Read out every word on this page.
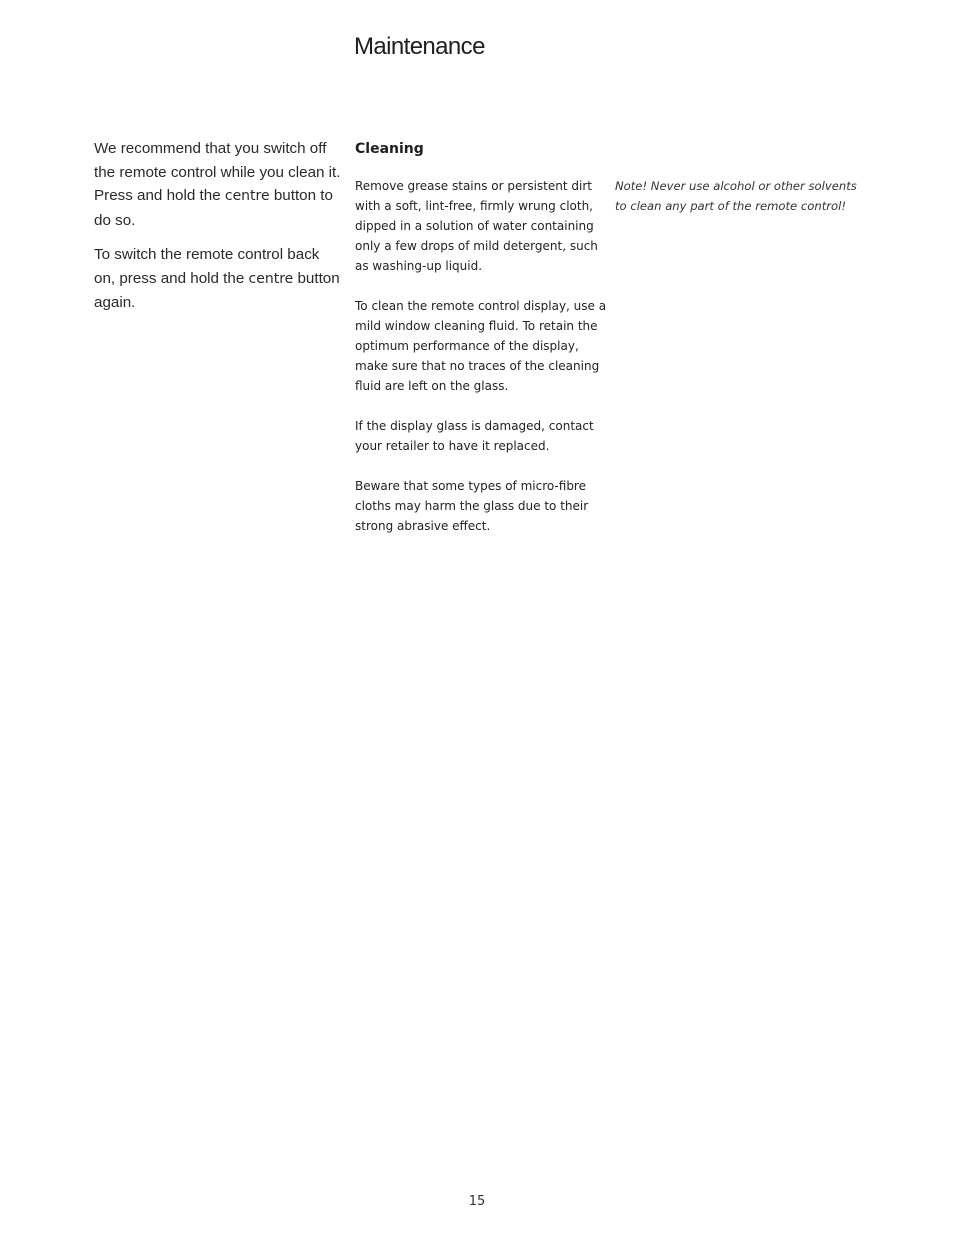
Maintenance

We recommend that you switch off the remote control while you clean it. Press and hold the centre button to do so.

To switch the remote control back on, press and hold the centre button again.

Cleaning

Remove grease stains or persistent dirt with a soft, lint-free, firmly wrung cloth, dipped in a solution of water containing only a few drops of mild detergent, such as washing-up liquid.

To clean the remote control display, use a mild window cleaning fluid. To retain the optimum performance of the display, make sure that no traces of the cleaning fluid are left on the glass.

If the display glass is damaged, contact your retailer to have it replaced.

Beware that some types of micro-fibre cloths may harm the glass due to their strong abrasive effect.

Note! Never use alcohol or other solvents to clean any part of the remote control!

15
